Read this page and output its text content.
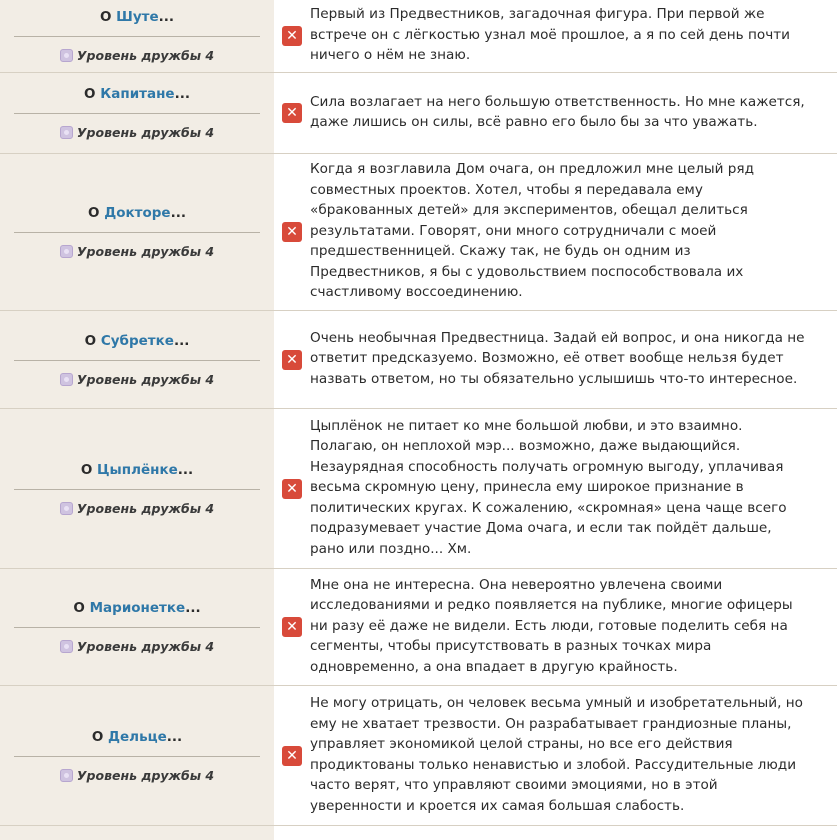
О Шуте...
Уровень дружбы 4	✕	Первый из Предвестников, загадочная фигура. При первой же встрече он с лёгкостью узнал моё прошлое, а я по сей день почти ничего о нём не знаю.

О Капитане...
Уровень дружбы 4	✕	Сила возлагает на него большую ответственность. Но мне кажется, даже лишись он силы, всё равно его было бы за что уважать.

О Докторе...
Уровень дружбы 4	✕	Когда я возглавила Дом очага, он предложил мне целый ряд совместных проектов. Хотел, чтобы я передавала ему «бракованных детей» для экспериментов, обещал делиться результатами. Говорят, они много сотрудничали с моей предшественницей. Скажу так, не будь он одним из Предвестников, я бы с удовольствием поспособствовала их счастливому воссоединению.

О Субретке...
Уровень дружбы 4	✕	Очень необычная Предвестница. Задай ей вопрос, и она никогда не ответит предсказуемо. Возможно, её ответ вообще нельзя будет назвать ответом, но ты обязательно услышишь что-то интересное.

О Цыплёнке...
Уровень дружбы 4	✕	Цыплёнок не питает ко мне большой любви, и это взаимно. Полагаю, он неплохой мэр... возможно, даже выдающийся. Незаурядная способность получать огромную выгоду, уплачивая весьма скромную цену, принесла ему широкое признание в политических кругах. К сожалению, «скромная» цена чаще всего подразумевает участие Дома очага, и если так пойдёт дальше, рано или поздно... Хм.

О Марионетке...
Уровень дружбы 4	✕	Мне она не интересна. Она невероятно увлечена своими исследованиями и редко появляется на публике, многие офицеры ни разу её даже не видели. Есть люди, готовые поделить себя на сегменты, чтобы присутствовать в разных точках мира одновременно, а она впадает в другую крайность.

О Дельце...
Уровень дружбы 4	✕	Не могу отрицать, он человек весьма умный и изобретательный, но ему не хватает трезвости. Он разрабатывает грандиозные планы, управляет экономикой целой страны, но все его действия продиктованы только ненавистью и злобой. Рассудительные люди часто верят, что управляют своими эмоциями, но в этой уверенности и кроется их самая большая слабость.
